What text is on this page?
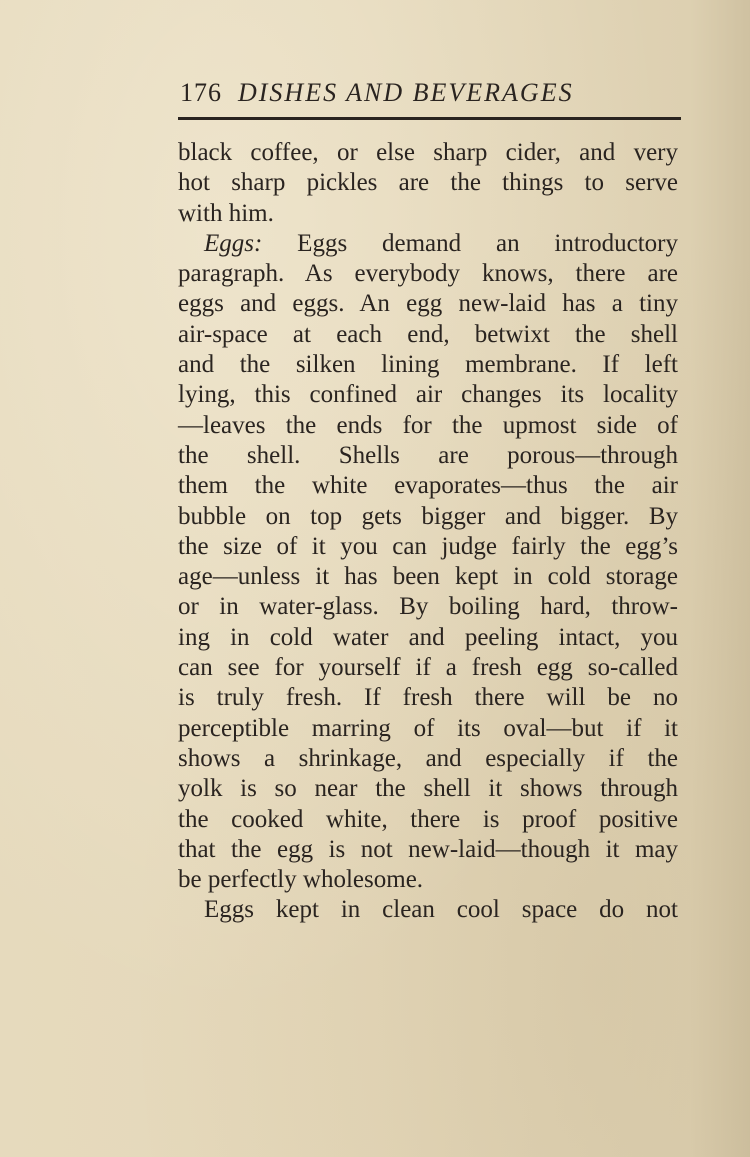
176 DISHES AND BEVERAGES
black coffee, or else sharp cider, and very
hot sharp pickles are the things to serve
with him.
Eggs: Eggs demand an introductory
paragraph. As everybody knows, there are
eggs and eggs. An egg new-laid has a tiny
air-space at each end, betwixt the shell
and the silken lining membrane. If left
lying, this confined air changes its locality
—leaves the ends for the upmost side of
the shell. Shells are porous—through
them the white evaporates—thus the air
bubble on top gets bigger and bigger. By
the size of it you can judge fairly the egg’s
age—unless it has been kept in cold storage
or in water-glass. By boiling hard, throw-
ing in cold water and peeling intact, you
can see for yourself if a fresh egg so-called
is truly fresh. If fresh there will be no
perceptible marring of its oval—but if it
shows a shrinkage, and especially if the
yolk is so near the shell it shows through
the cooked white, there is proof positive
that the egg is not new-laid—though it may
be perfectly wholesome.
Eggs kept in clean cool space do not
